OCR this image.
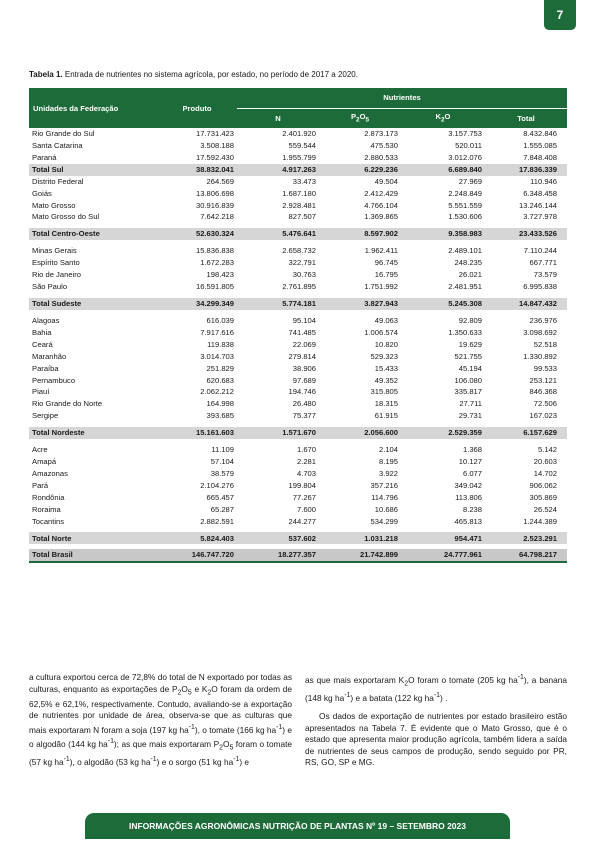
7
Tabela 1. Entrada de nutrientes no sistema agrícola, por estado, no período de 2017 a 2020.
Unidades da Federação	Produto	Nutrientes			
		N	$P_2O_5$	$K_2O$	Total
Rio Grande do Sul	17.731.423	2.401.920	2.873.173	3.157.753	8.432.846
Santa Catarina	3.508.188	559.544	475.530	520.011	1.555.085
Paraná	17.592.430	1.955.799	2.880.533	3.012.076	7.848.408
Total Sul	38.832.041	4.917.263	6.229.236	6.689.840	17.836.339
Distrito Federal	264.569	33.473	49.504	27.969	110.946
Goiás	13.806.698	1.687.180	2.412.429	2.248.849	6.348.458
Mato Grosso	30.916.839	2.928.481	4.766.104	5.551.559	13.246.144
Mato Grosso do Sul	7.642.218	827.507	1.369.865	1.530.606	3.727.978

Total Centro-Oeste	52.630.324	5.476.641	8.597.902	9.358.983	23.433.526

Minas Gerais	15.836.838	2.658.732	1.962.411	2.489.101	7.110.244
Espírito Santo	1.672.283	322.791	96.745	248.235	667.771
Rio de Janeiro	198.423	30.763	16.795	26.021	73.579
São Paulo	16.591.805	2.761.895	1.751.992	2.481.951	6.995.838

Total Sudeste	34.299.349	5.774.181	3.827.943	5.245.308	14.847.432

Alagoas	616.039	95.104	49.063	92.809	236.976
Bahia	7.917.616	741.485	1.006.574	1.350.633	3.098.692
Ceará	119.838	22.069	10.820	19.629	52.518
Maranhão	3.014.703	279.814	529.323	521.755	1.330.892
Paraíba	251.829	38.906	15.433	45.194	99.533
Pernambuco	620.683	97.689	49.352	106.080	253.121
Piauí	2.062.212	194.746	315.805	335.817	846.368
Rio Grande do Norte	164.998	26.480	18.315	27.711	72.506
Sergipe	393.685	75.377	61.915	29.731	167.023

Total Nordeste	15.161.603	1.571.670	2.056.600	2.529.359	6.157.629

Acre	11.109	1.670	2.104	1.368	5.142
Amapá	57.104	2.281	8.195	10.127	20.603
Amazonas	38.579	4.703	3.922	6.077	14.702
Pará	2.104.276	199.804	357.216	349.042	906.062
Rondônia	665.457	77.267	114.796	113.806	305.869
Roraima	65.287	7.600	10.686	8.238	26.524
Tocantins	2.882.591	244.277	534.299	465.813	1.244.389

Total Norte	5.824.403	537.602	1.031.218	954.471	2.523.291

Total Brasil	146.747.720	18.277.357	21.742.899	24.777.961	64.798.217

a cultura exportou cerca de 72,8% do total de N exportado por todas as culturas, enquanto as exportações de $P_2O_5$ e $K_2O$ foram da ordem de 62,5% e 62,1%, respectivamente. Contudo, avaliando-se a exportação de nutrientes por unidade de área, observa-se que as culturas que mais exportaram N foram a soja (197 kg $ha^{-1}$), o tomate (166 kg $ha^{-1}$) e o algodão (144 kg $ha^{-1}$); as que mais exportaram $P_2O_5$ foram o tomate (57 kg $ha^{-1}$), o algodão (53 kg $ha^{-1}$) e o sorgo (51 kg $ha^{-1}$) e

as que mais exportaram $K_2O$ foram o tomate (205 kg $ha^{-1}$), a banana (148 kg $ha^{-1}$) e a batata (122 kg $ha^{-1}$) .

Os dados de exportação de nutrientes por estado brasileiro estão apresentados na Tabela 7. É evidente que o Mato Grosso, que é o estado que apresenta maior produção agrícola, também lidera a saída de nutrientes de seus campos de produção, sendo seguido por PR, RS, GO, SP e MG.

INFORMAÇÕES AGRONÔMICAS NUTRIÇÃO DE PLANTAS Nº 19 – SETEMBRO 2023
